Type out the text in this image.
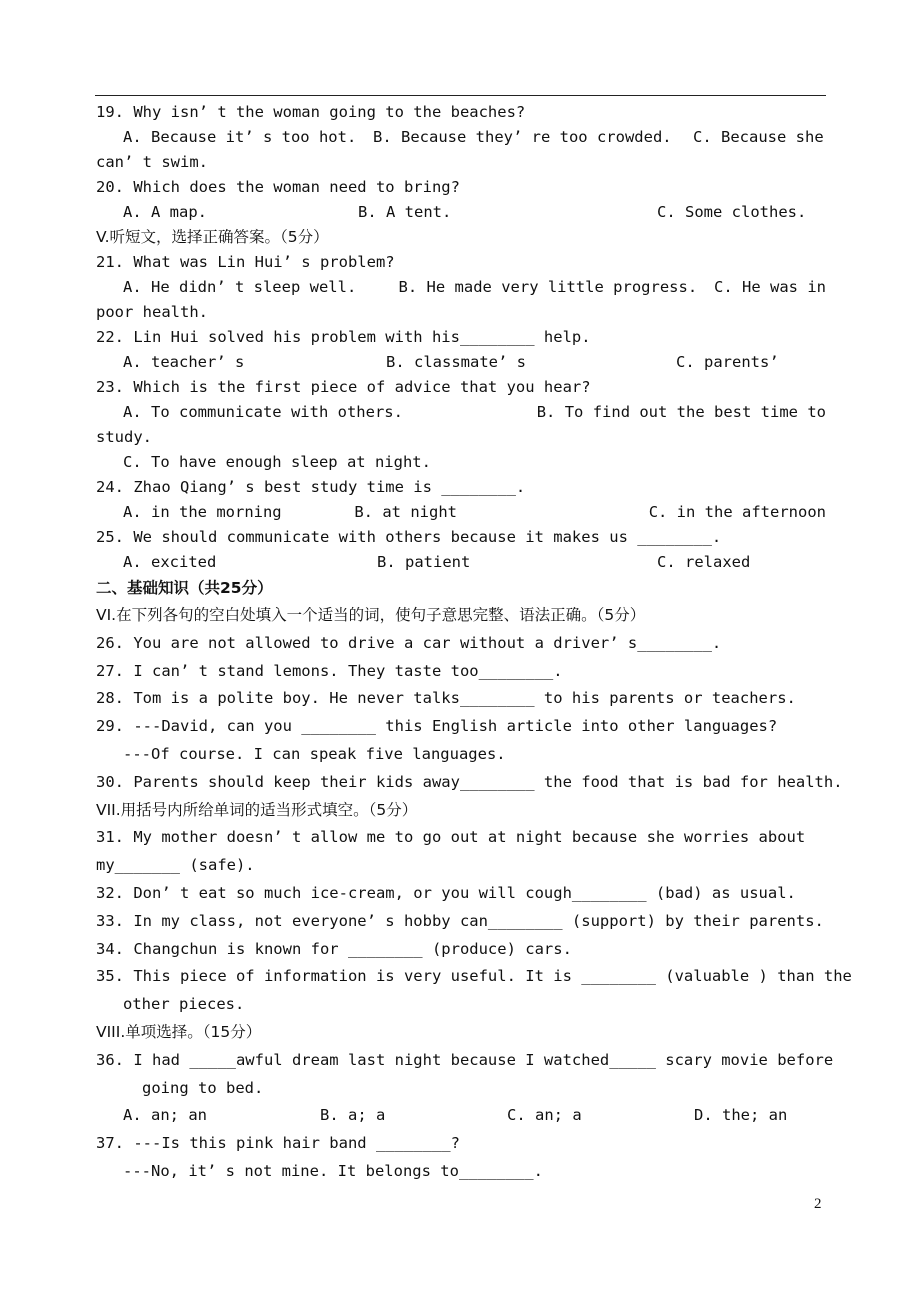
19. Why isn’ t the woman going to the beaches?
A. Because it’ s too hot.	B. Because they’ re too crowded.	C. Because she
can’ t swim.
20. Which does the woman need to bring?
A. A map.	B. A tent.	C. Some clothes.
V.听短文，选择正确答案。（5分）
21. What was Lin Hui’ s problem?
A. He didn’ t sleep well.	B. He made very little progress.	C. He was in
poor health.
22. Lin Hui solved his problem with his________ help.
A. teacher’ s	B. classmate’ s	C. parents’
23. Which is the first piece of advice that you hear?
A. To communicate with others.	B. To find out the best time to
study.
C. To have enough sleep at night.
24. Zhao Qiang’ s best study time is ________.
A. in the morning	B. at night	C. in the afternoon
25. We should communicate with others because it makes us ________.
A. excited	B. patient	C. relaxed
二、基础知识（共25分）
VI.在下列各句的空白处填入一个适当的词，使句子意思完整、语法正确。（5分）
26. You are not allowed to drive a car without a driver’ s________.
27. I can’ t stand lemons. They taste too________.
28. Tom is a polite boy. He never talks________ to his parents or teachers.
29. ---David, can you ________ this English article into other languages?
---Of course. I can speak five languages.
30. Parents should keep their kids away________ the food that is bad for health.
VII.用括号内所给单词的适当形式填空。（5分）
31. My mother doesn’ t allow me to go out at night because she worries about
my_______ (safe).
32. Don’ t eat so much ice-cream, or you will cough________ (bad) as usual.
33. In my class, not everyone’ s hobby can________ (support) by their parents.
34. Changchun is known for ________ (produce) cars.
35. This piece of information is very useful. It is ________ (valuable ) than the
other pieces.
VIII.单项选择。（15分）
36. I had _____awful dream last night because I watched_____ scary movie before
going to bed.
A. an; an	B. a; a	C. an; a	D. the; an
37. ---Is this pink hair band ________?
---No, it’ s not mine. It belongs to________.
2
